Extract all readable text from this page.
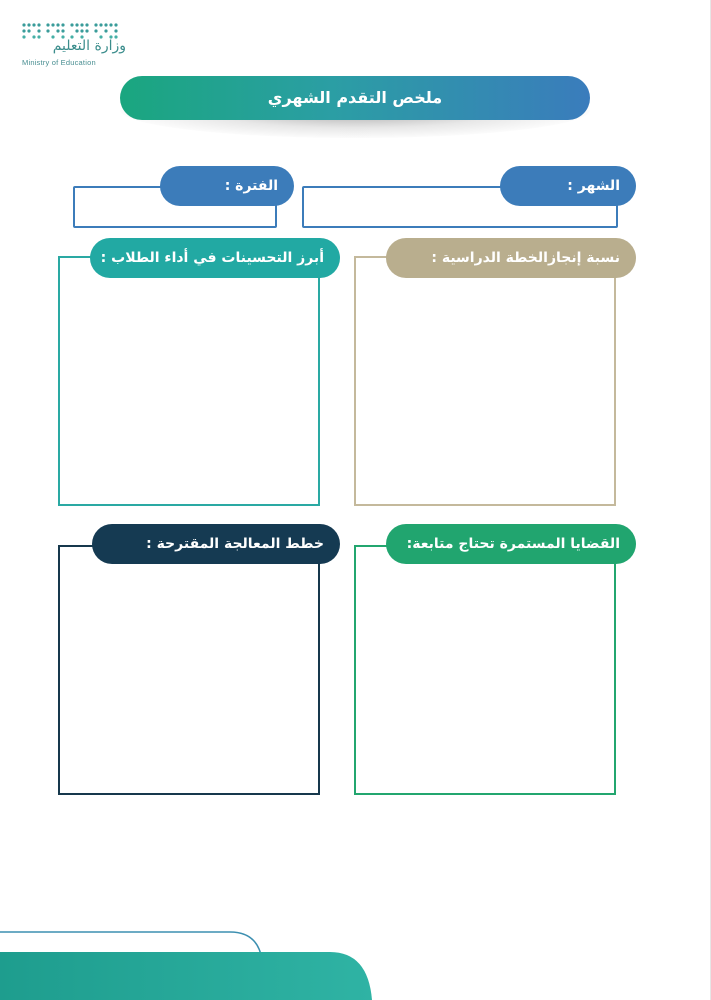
وزارة التعليم
Ministry of Education
ملخص التقدم الشهري
الشهر :
الفترة :
نسبة إنجازالخطة الدراسية :
أبرز التحسينات في أداء الطلاب :
القضايا المستمرة تحتاج متابعة:
خطط المعالجة المقترحة :
